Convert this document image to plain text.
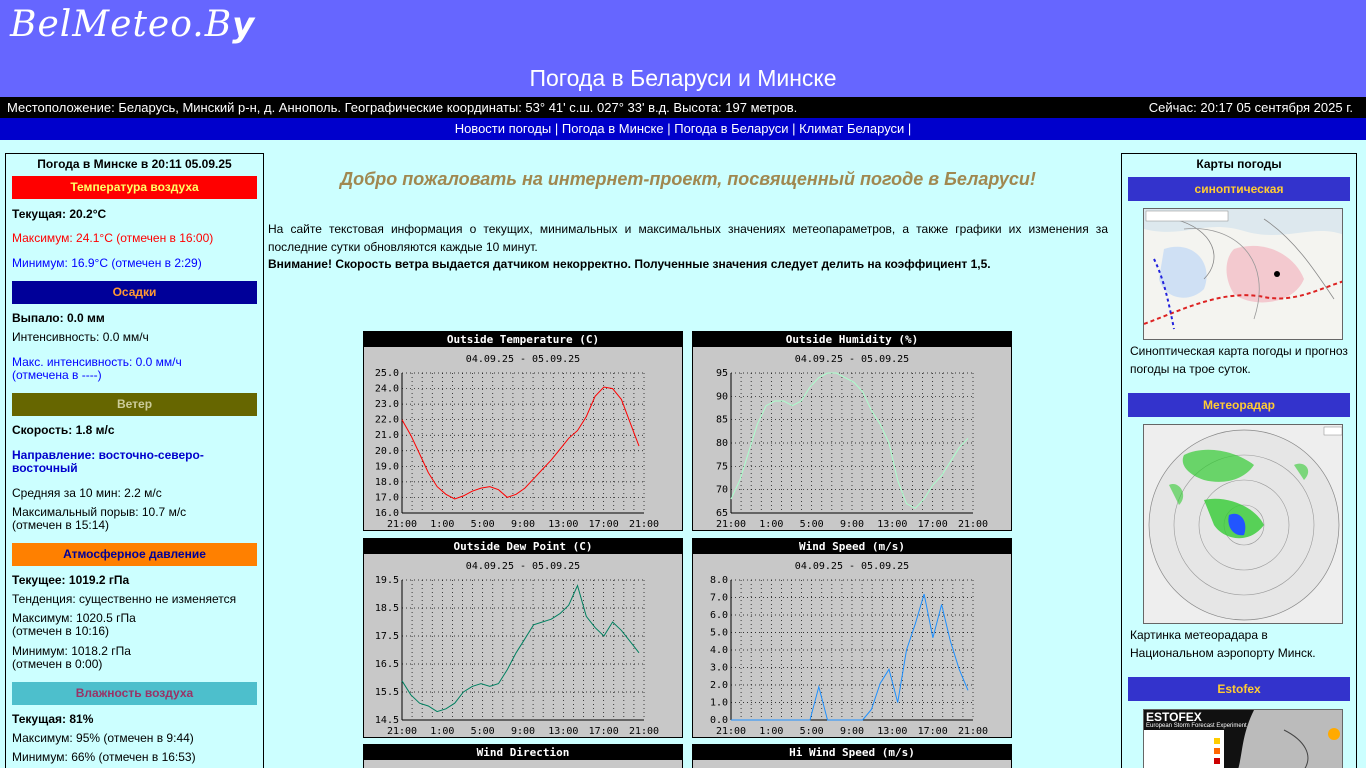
BelMeteo.By
Погода в Беларуси и Минске
Местоположение: Беларусь, Минский р-н, д. Аннополь. Географические координаты: 53° 41' с.ш. 027° 33' в.д. Высота: 197 метров.	Сейчас: 20:17 05 сентября 2025 г.
Новости погоды | Погода в Минске | Погода в Беларуси | Климат Беларуси |
Погода в Минске в 20:11 05.09.25
Температура воздуха
Текущая: 20.2°C
Максимум: 24.1°C (отмечен в 16:00)
Минимум: 16.9°C (отмечен в 2:29)
Осадки
Выпало: 0.0 мм
Интенсивность: 0.0 мм/ч
Макс. интенсивность: 0.0 мм/ч
(отмечена в ----)
Ветер
Скорость: 1.8 м/с
Направление: восточно-северо-восточный
Средняя за 10 мин: 2.2 м/с
Максимальный порыв: 10.7 м/с
(отмечен в 15:14)
Атмосферное давление
Текущее: 1019.2 гПа
Тенденция: существенно не изменяется
Максимум: 1020.5 гПа
(отмечен в 10:16)
Минимум: 1018.2 гПа
(отмечен в 0:00)
Влажность воздуха
Текущая: 81%
Максимум: 95% (отмечен в 9:44)
Минимум: 66% (отмечен в 16:53)
Добро пожаловать на интернет-проект, посвященный погоде в Беларуси!
На сайте текстовая информация о текущих, минимальных и максимальных значениях метеопараметров, а также графики их изменения за последние сутки обновляются каждые 10 минут.
Внимание! Скорость ветра выдается датчиком некорректно. Полученные значения следует делить на коэффициент 1,5.
Outside Temperature (C)
04.09.25 - 05.09.25
16.0
17.0
18.0
19.0
20.0
21.0
22.0
23.0
24.0
25.0
21:00 1:00 5:00 9:00 13:00 17:00 21:00
Outside Humidity (%)
04.09.25 - 05.09.25
65
70
75
80
85
90
95
21:00 1:00 5:00 9:00 13:00 17:00 21:00
Outside Dew Point (C)
04.09.25 - 05.09.25
14.5
15.5
16.5
17.5
18.5
19.5
21:00 1:00 5:00 9:00 13:00 17:00 21:00
Wind Speed (m/s)
04.09.25 - 05.09.25
0.0
1.0
2.0
3.0
4.0
5.0
6.0
7.0
8.0
21:00 1:00 5:00 9:00 13:00 17:00 21:00
Wind Direction	Hi Wind Speed (m/s)
Карты погоды
синоптическая
Синоптическая карта погоды и прогноз погоды на трое суток.
Метеорадар
Картинка метеорадара в Национальном аэропорту Минск.
Estofex
ESTOFEX
European Storm Forecast Experiment
